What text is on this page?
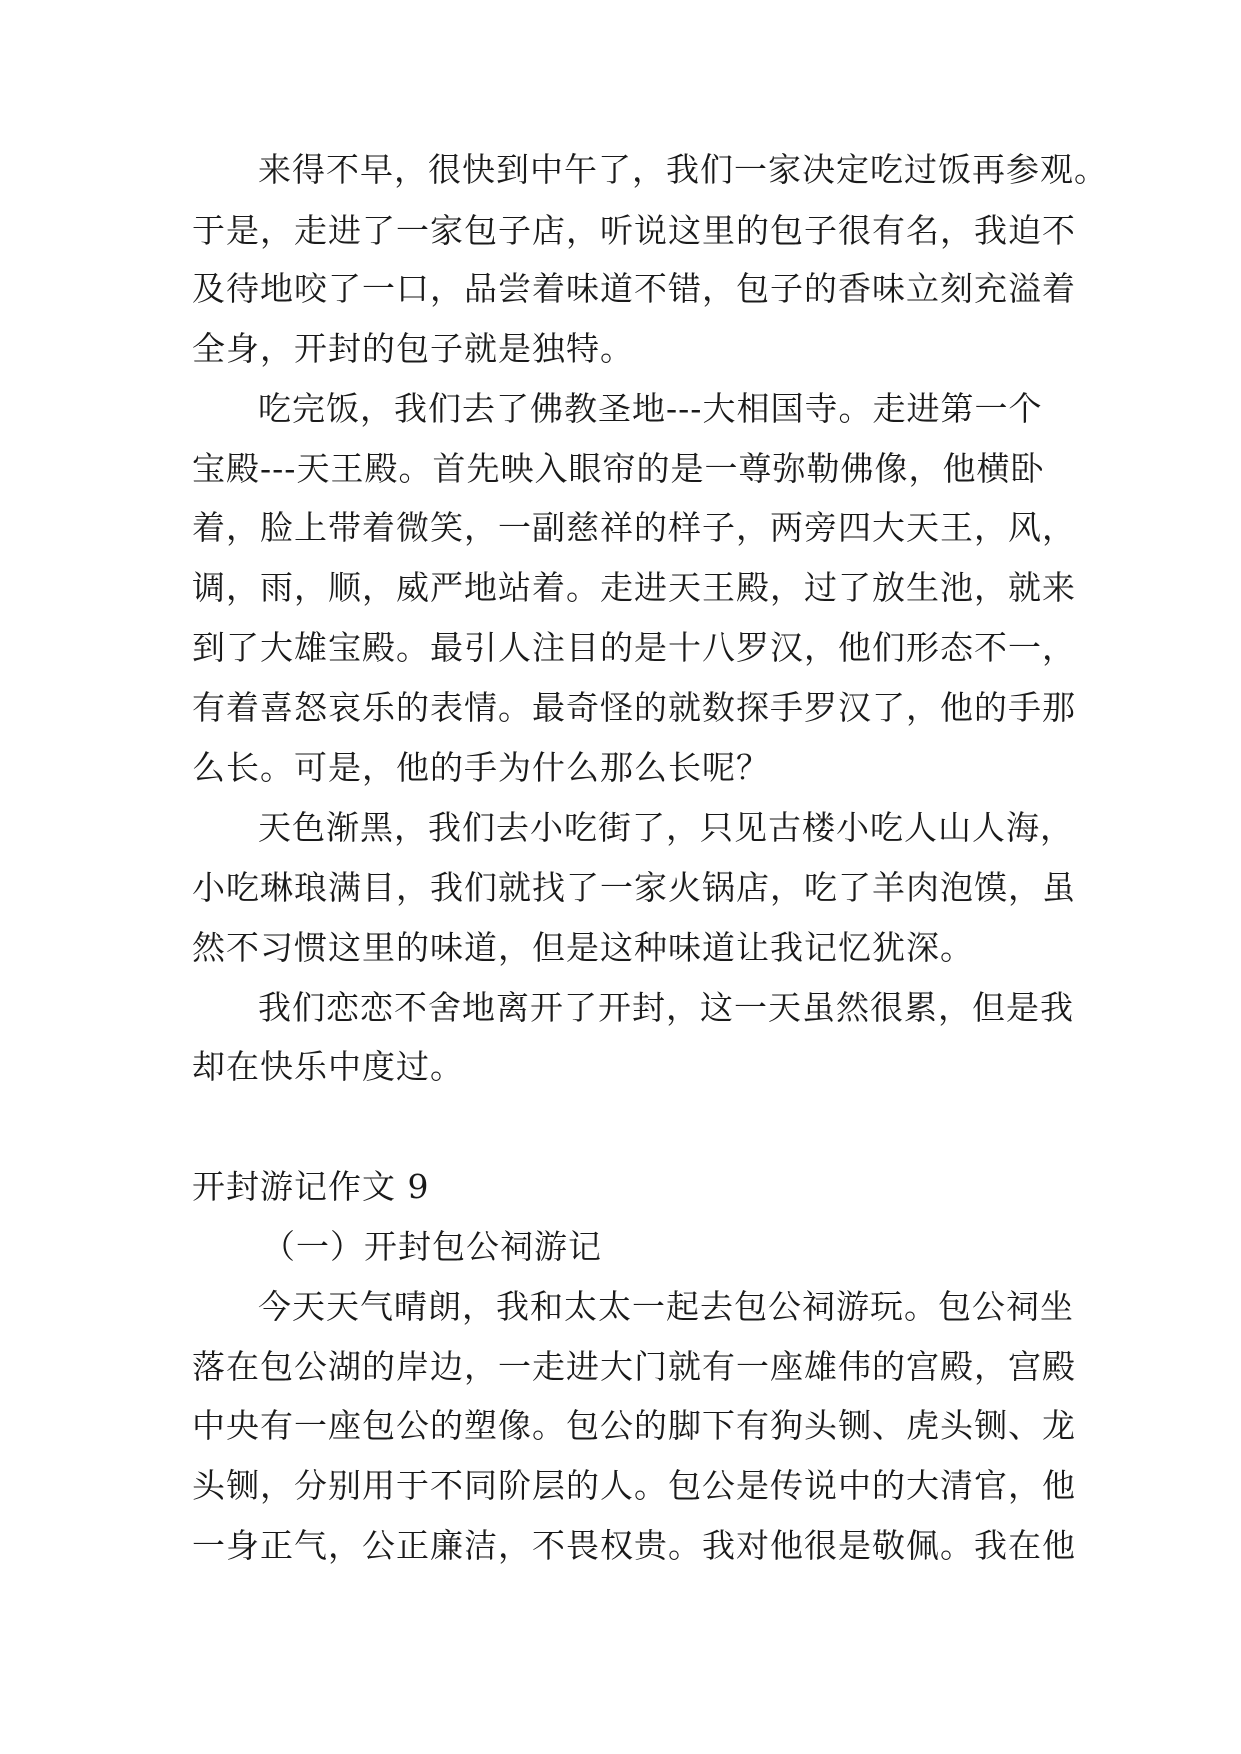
来得不早，很快到中午了，我们一家决定吃过饭再参观。
于是，走进了一家包子店，听说这里的包子很有名，我迫不
及待地咬了一口，品尝着味道不错，包子的香味立刻充溢着
全身，开封的包子就是独特。
吃完饭，我们去了佛教圣地---大相国寺。走进第一个
宝殿---天王殿。首先映入眼帘的是一尊弥勒佛像，他横卧
着，脸上带着微笑，一副慈祥的样子，两旁四大天王，风，
调，雨，顺，威严地站着。走进天王殿，过了放生池，就来
到了大雄宝殿。最引人注目的是十八罗汉，他们形态不一，
有着喜怒哀乐的表情。最奇怪的就数探手罗汉了，他的手那
么长。可是，他的手为什么那么长呢？
天色渐黑，我们去小吃街了，只见古楼小吃人山人海，
小吃琳琅满目，我们就找了一家火锅店，吃了羊肉泡馍，虽
然不习惯这里的味道，但是这种味道让我记忆犹深。
我们恋恋不舍地离开了开封，这一天虽然很累，但是我
却在快乐中度过。
开封游记作文 9
（一）开封包公祠游记
今天天气晴朗，我和太太一起去包公祠游玩。包公祠坐
落在包公湖的岸边，一走进大门就有一座雄伟的宫殿，宫殿
中央有一座包公的塑像。包公的脚下有狗头铡、虎头铡、龙
头铡，分别用于不同阶层的人。包公是传说中的大清官，他
一身正气，公正廉洁，不畏权贵。我对他很是敬佩。我在他
